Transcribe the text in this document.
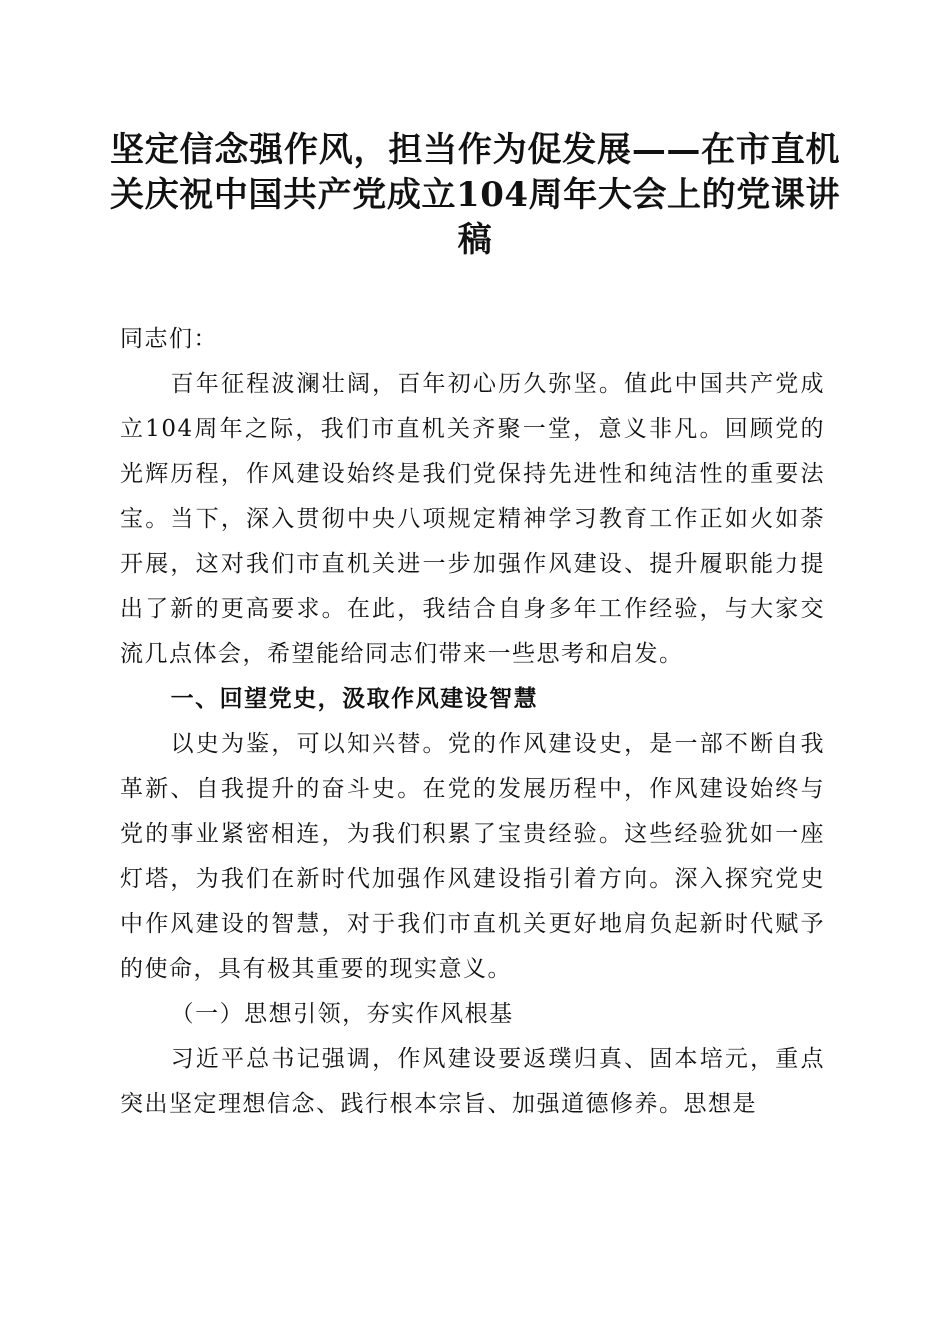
坚定信念强作风，担当作为促发展——在市直机关庆祝中国共产党成立104周年大会上的党课讲稿

同志们：

百年征程波澜壮阔，百年初心历久弥坚。值此中国共产党成立104周年之际，我们市直机关齐聚一堂，意义非凡。回顾党的光辉历程，作风建设始终是我们党保持先进性和纯洁性的重要法宝。当下，深入贯彻中央八项规定精神学习教育工作正如火如荼开展，这对我们市直机关进一步加强作风建设、提升履职能力提出了新的更高要求。在此，我结合自身多年工作经验，与大家交流几点体会，希望能给同志们带来一些思考和启发。

一、回望党史，汲取作风建设智慧

以史为鉴，可以知兴替。党的作风建设史，是一部不断自我革新、自我提升的奋斗史。在党的发展历程中，作风建设始终与党的事业紧密相连，为我们积累了宝贵经验。这些经验犹如一座灯塔，为我们在新时代加强作风建设指引着方向。深入探究党史中作风建设的智慧，对于我们市直机关更好地肩负起新时代赋予的使命，具有极其重要的现实意义。

（一）思想引领，夯实作风根基

习近平总书记强调，作风建设要返璞归真、固本培元，重点突出坚定理想信念、践行根本宗旨、加强道德修养。思想是
